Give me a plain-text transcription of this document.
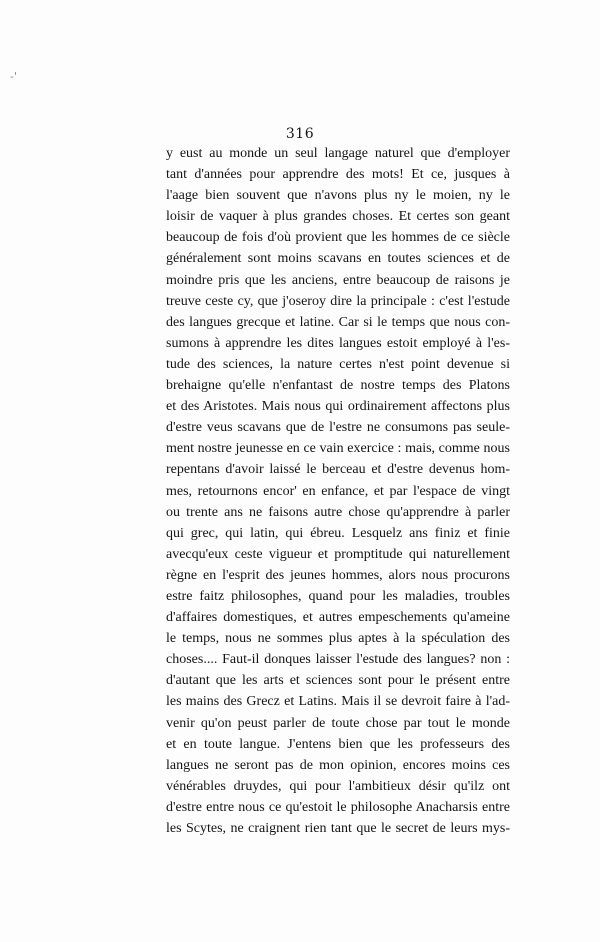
-'
316
y eust au monde un seul langage naturel que d'employer
tant d'années pour apprendre des mots! Et ce, jusques à
l'aage bien souvent que n'avons plus ny le moien, ny le
loisir de vaquer à plus grandes choses. Et certes son geant
beaucoup de fois d'où provient que les hommes de ce siècle
généralement sont moins scavans en toutes sciences et de
moindre pris que les anciens, entre beaucoup de raisons je
treuve ceste cy, que j'oseroy dire la principale : c'est l'estude
des langues grecque et latine. Car si le temps que nous con-
sumons à apprendre les dites langues estoit employé à l'es-
tude des sciences, la nature certes n'est point devenue si
brehaigne qu'elle n'enfantast de nostre temps des Platons
et des Aristotes. Mais nous qui ordinairement affectons plus
d'estre veus scavans que de l'estre ne consumons pas seule-
ment nostre jeunesse en ce vain exercice : mais, comme nous
repentans d'avoir laissé le berceau et d'estre devenus hom-
mes, retournons encor' en enfance, et par l'espace de vingt
ou trente ans ne faisons autre chose qu'apprendre à parler
qui grec, qui latin, qui ébreu. Lesquelz ans finiz et finie
avecqu'eux ceste vigueur et promptitude qui naturellement
règne en l'esprit des jeunes hommes, alors nous procurons
estre faitz philosophes, quand pour les maladies, troubles
d'affaires domestiques, et autres empeschements qu'ameine
le temps, nous ne sommes plus aptes à la spéculation des
choses.... Faut-il donques laisser l'estude des langues? non :
d'autant que les arts et sciences sont pour le présent entre
les mains des Grecz et Latins. Mais il se devroit faire à l'ad-
venir qu'on peust parler de toute chose par tout le monde
et en toute langue. J'entens bien que les professeurs des
langues ne seront pas de mon opinion, encores moins ces
vénérables druydes, qui pour l'ambitieux désir qu'ilz ont
d'estre entre nous ce qu'estoit le philosophe Anacharsis entre
les Scytes, ne craignent rien tant que le secret de leurs mys-
